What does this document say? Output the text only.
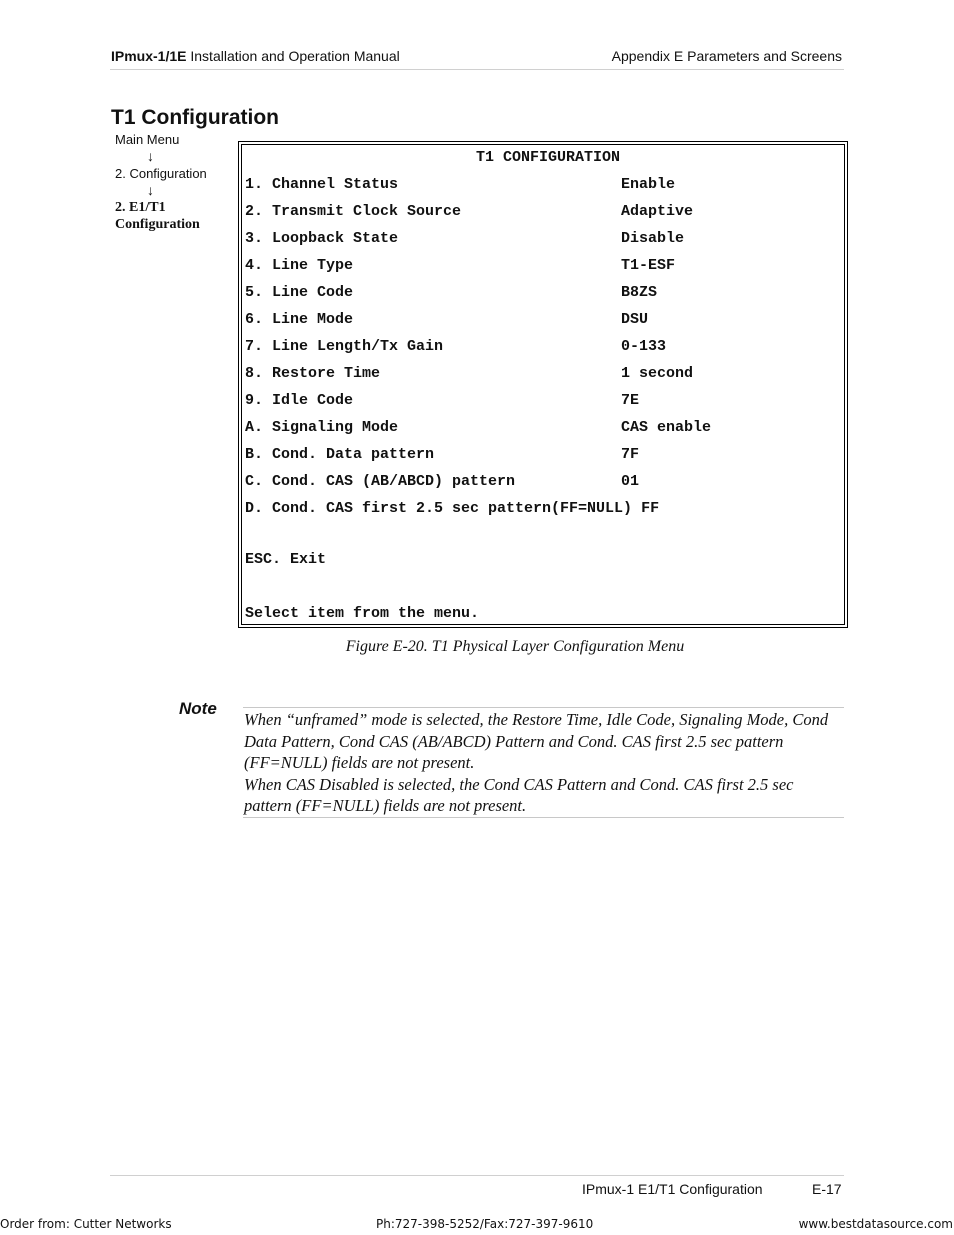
IPmux-1/1E Installation and Operation Manual	Appendix E Parameters and Screens
T1 Configuration
Main Menu
↓
2. Configuration
↓
2. E1/T1
Configuration
T1 CONFIGURATION
1. Channel Status	Enable
2. Transmit Clock Source	Adaptive
3. Loopback State	Disable
4. Line Type	T1-ESF
5. Line Code	B8ZS
6. Line Mode	DSU
7. Line Length/Tx Gain	0-133
8. Restore Time	1 second
9. Idle Code	7E
A. Signaling Mode	CAS enable
B. Cond. Data pattern	7F
C. Cond. CAS (AB/ABCD) pattern	01
D. Cond. CAS first 2.5 sec pattern(FF=NULL) FF
ESC. Exit
Select item from the menu.
Figure E-20. T1 Physical Layer Configuration Menu
Note
When “unframed” mode is selected, the Restore Time, Idle Code, Signaling Mode, Cond Data Pattern, Cond CAS (AB/ABCD) Pattern and Cond. CAS first 2.5 sec pattern (FF=NULL) fields are not present.
When CAS Disabled is selected, the Cond CAS Pattern and Cond. CAS first 2.5 sec pattern (FF=NULL) fields are not present.
IPmux-1 E1/T1 Configuration	E-17
Order from: Cutter Networks	Ph:727-398-5252/Fax:727-397-9610	www.bestdatasource.com
